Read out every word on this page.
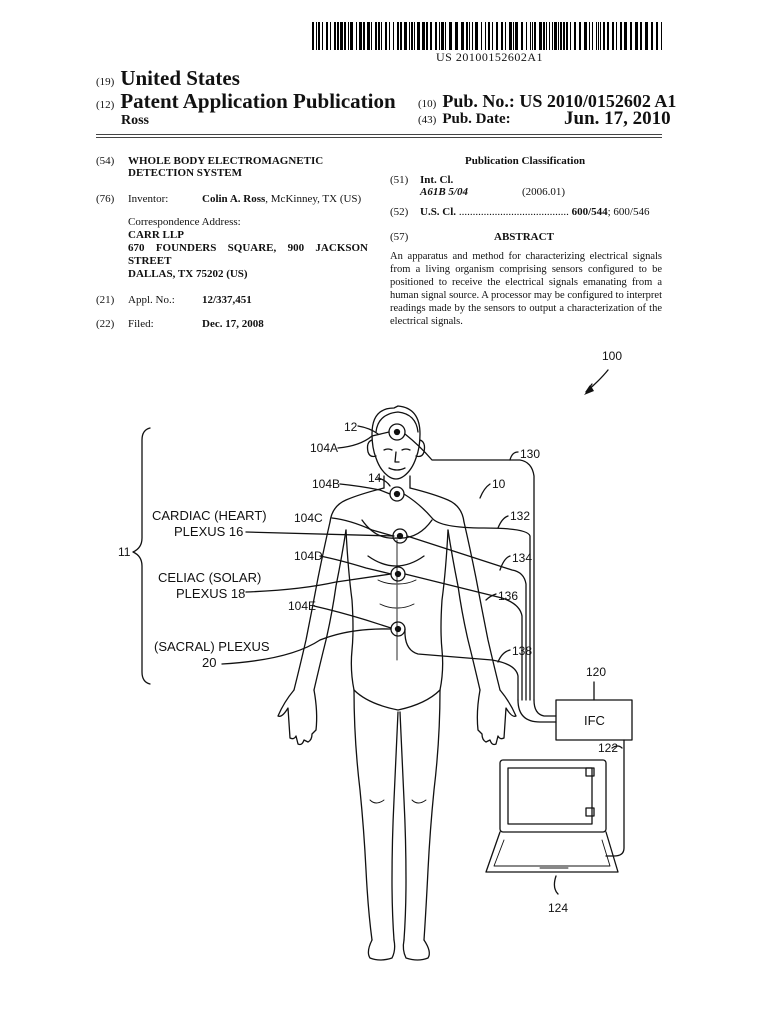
US 20100152602A1
(19) United States
(12) Patent Application Publication
Ross
(10) Pub. No.: US 2010/0152602 A1
(43) Pub. Date:	Jun. 17, 2010
(54) WHOLE BODY ELECTROMAGNETIC
DETECTION SYSTEM
(76) Inventor:	Colin A. Ross, McKinney, TX (US)
Correspondence Address:
CARR LLP
670 FOUNDERS SQUARE, 900 JACKSON
STREET
DALLAS, TX 75202 (US)
(21) Appl. No.: 12/337,451
(22) Filed:	Dec. 17, 2008
Publication Classification
(51) Int. Cl.
A61B 5/04	(2006.01)
(52) U.S. Cl. ........................................ 600/544; 600/546
(57)	ABSTRACT
An apparatus and method for characterizing electrical signals from a living organism comprising sensors configured to be positioned to receive the electrical signals emanating from a human signal source. A processor may be configured to interpret readings made by the sensors to output a characterization of the electrical signals.
100
12
104A
104B 14
104C
104D
104E
130
10
132
134
136
138
120
122
124
11
CARDIAC (HEART)
PLEXUS 16
CELIAC (SOLAR)
PLEXUS 18
(SACRAL) PLEXUS
20
IFC
